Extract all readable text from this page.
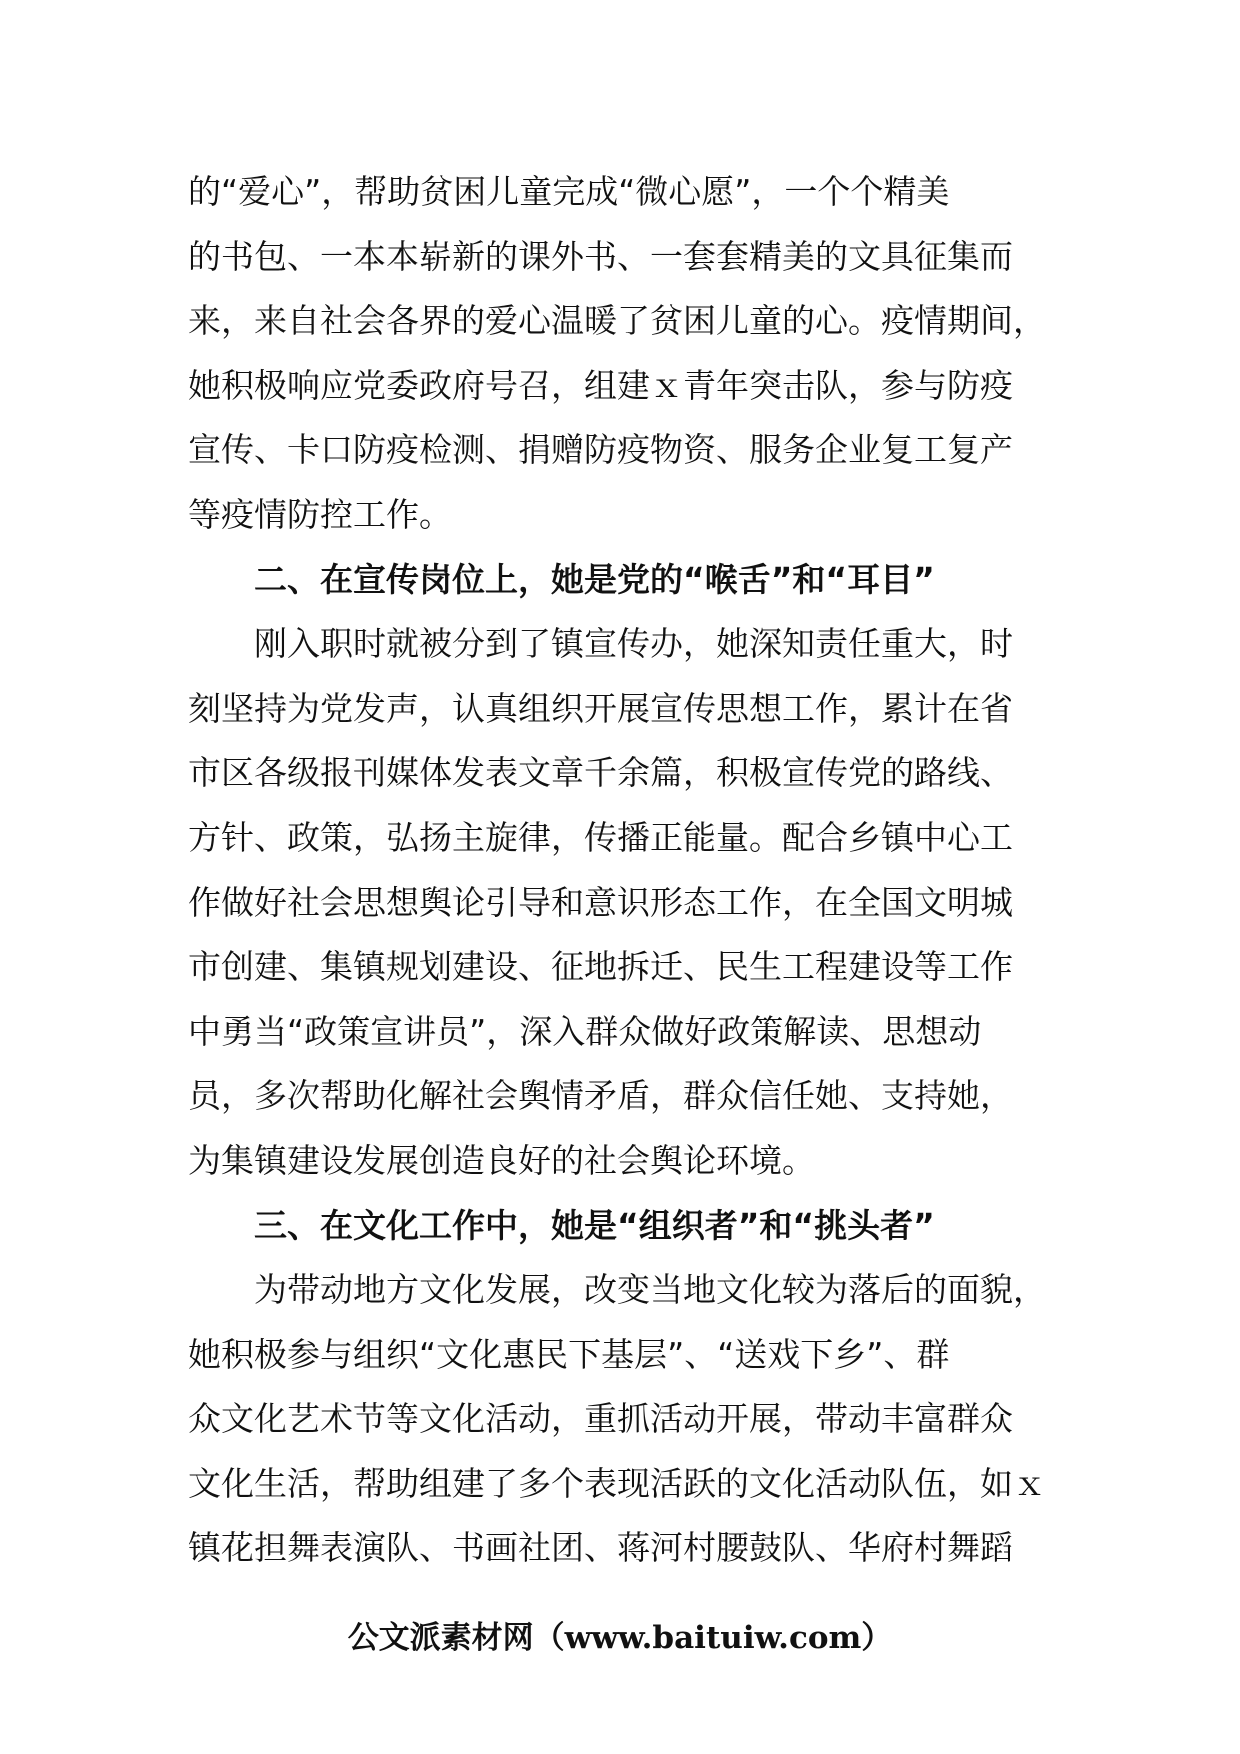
的“爱心”，帮助贫困儿童完成“微心愿”，一个个精美
的书包、一本本崭新的课外书、一套套精美的文具征集而
来，来自社会各界的爱心温暖了贫困儿童的心。疫情期间，
她积极响应党委政府号召，组建ｘ青年突击队，参与防疫
宣传、卡口防疫检测、捐赠防疫物资、服务企业复工复产
等疫情防控工作。
二、在宣传岗位上，她是党的“喉舌”和“耳目”
刚入职时就被分到了镇宣传办，她深知责任重大，时
刻坚持为党发声，认真组织开展宣传思想工作，累计在省
市区各级报刊媒体发表文章千余篇，积极宣传党的路线、
方针、政策，弘扬主旋律，传播正能量。配合乡镇中心工
作做好社会思想舆论引导和意识形态工作，在全国文明城
市创建、集镇规划建设、征地拆迁、民生工程建设等工作
中勇当“政策宣讲员”，深入群众做好政策解读、思想动
员，多次帮助化解社会舆情矛盾，群众信任她、支持她，
为集镇建设发展创造良好的社会舆论环境。
三、在文化工作中，她是“组织者”和“挑头者”
为带动地方文化发展，改变当地文化较为落后的面貌，
她积极参与组织“文化惠民下基层”、“送戏下乡”、群
众文化艺术节等文化活动，重抓活动开展，带动丰富群众
文化生活，帮助组建了多个表现活跃的文化活动队伍，如ｘ
镇花担舞表演队、书画社团、蒋河村腰鼓队、华府村舞蹈
公文派素材网（www.baituiw.com）
